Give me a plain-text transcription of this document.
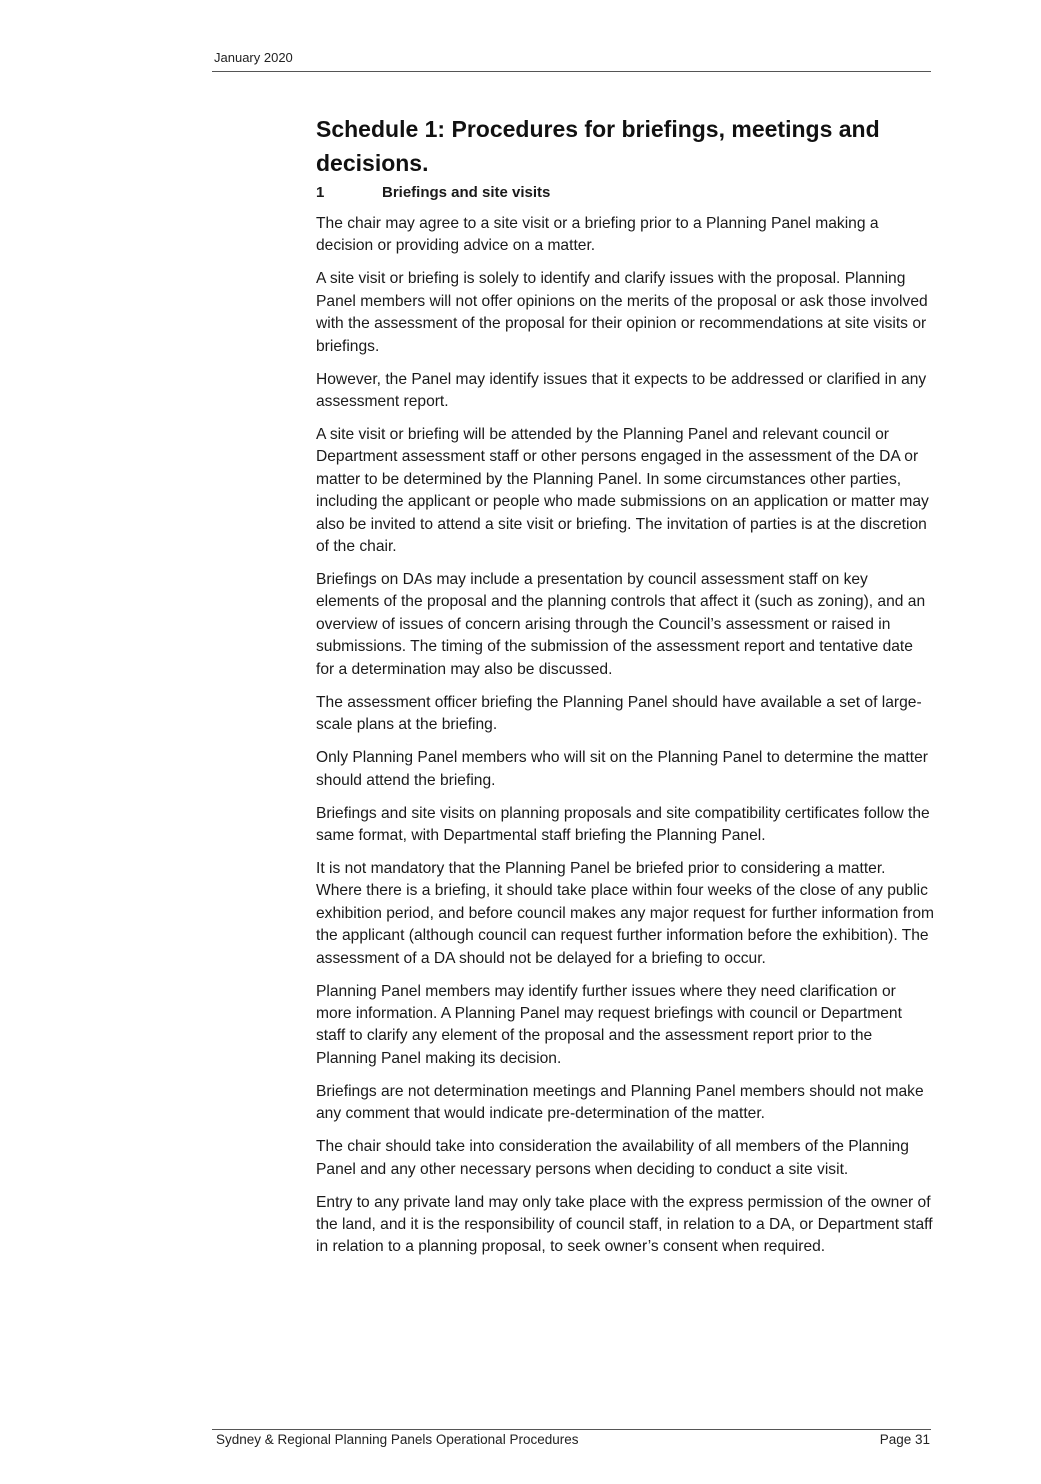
January 2020
Schedule 1: Procedures for briefings, meetings and decisions.
1	Briefings and site visits

The chair may agree to a site visit or a briefing prior to a Planning Panel making a decision or providing advice on a matter.

A site visit or briefing is solely to identify and clarify issues with the proposal. Planning Panel members will not offer opinions on the merits of the proposal or ask those involved with the assessment of the proposal for their opinion or recommendations at site visits or briefings.

However, the Panel may identify issues that it expects to be addressed or clarified in any assessment report.

A site visit or briefing will be attended by the Planning Panel and relevant council or Department assessment staff or other persons engaged in the assessment of the DA or matter to be determined by the Planning Panel. In some circumstances other parties, including the applicant or people who made submissions on an application or matter may also be invited to attend a site visit or briefing. The invitation of parties is at the discretion of the chair.

Briefings on DAs may include a presentation by council assessment staff on key elements of the proposal and the planning controls that affect it (such as zoning), and an overview of issues of concern arising through the Council’s assessment or raised in submissions. The timing of the submission of the assessment report and tentative date for a determination may also be discussed.

The assessment officer briefing the Planning Panel should have available a set of large-scale plans at the briefing.

Only Planning Panel members who will sit on the Planning Panel to determine the matter should attend the briefing.

Briefings and site visits on planning proposals and site compatibility certificates follow the same format, with Departmental staff briefing the Planning Panel.

It is not mandatory that the Planning Panel be briefed prior to considering a matter. Where there is a briefing, it should take place within four weeks of the close of any public exhibition period, and before council makes any major request for further information from the applicant (although council can request further information before the exhibition). The assessment of a DA should not be delayed for a briefing to occur.

Planning Panel members may identify further issues where they need clarification or more information. A Planning Panel may request briefings with council or Department staff to clarify any element of the proposal and the assessment report prior to the Planning Panel making its decision.

Briefings are not determination meetings and Planning Panel members should not make any comment that would indicate pre-determination of the matter.

The chair should take into consideration the availability of all members of the Planning Panel and any other necessary persons when deciding to conduct a site visit.

Entry to any private land may only take place with the express permission of the owner of the land, and it is the responsibility of council staff, in relation to a DA, or Department staff in relation to a planning proposal, to seek owner’s consent when required.

Sydney & Regional Planning Panels Operational Procedures	Page 31
